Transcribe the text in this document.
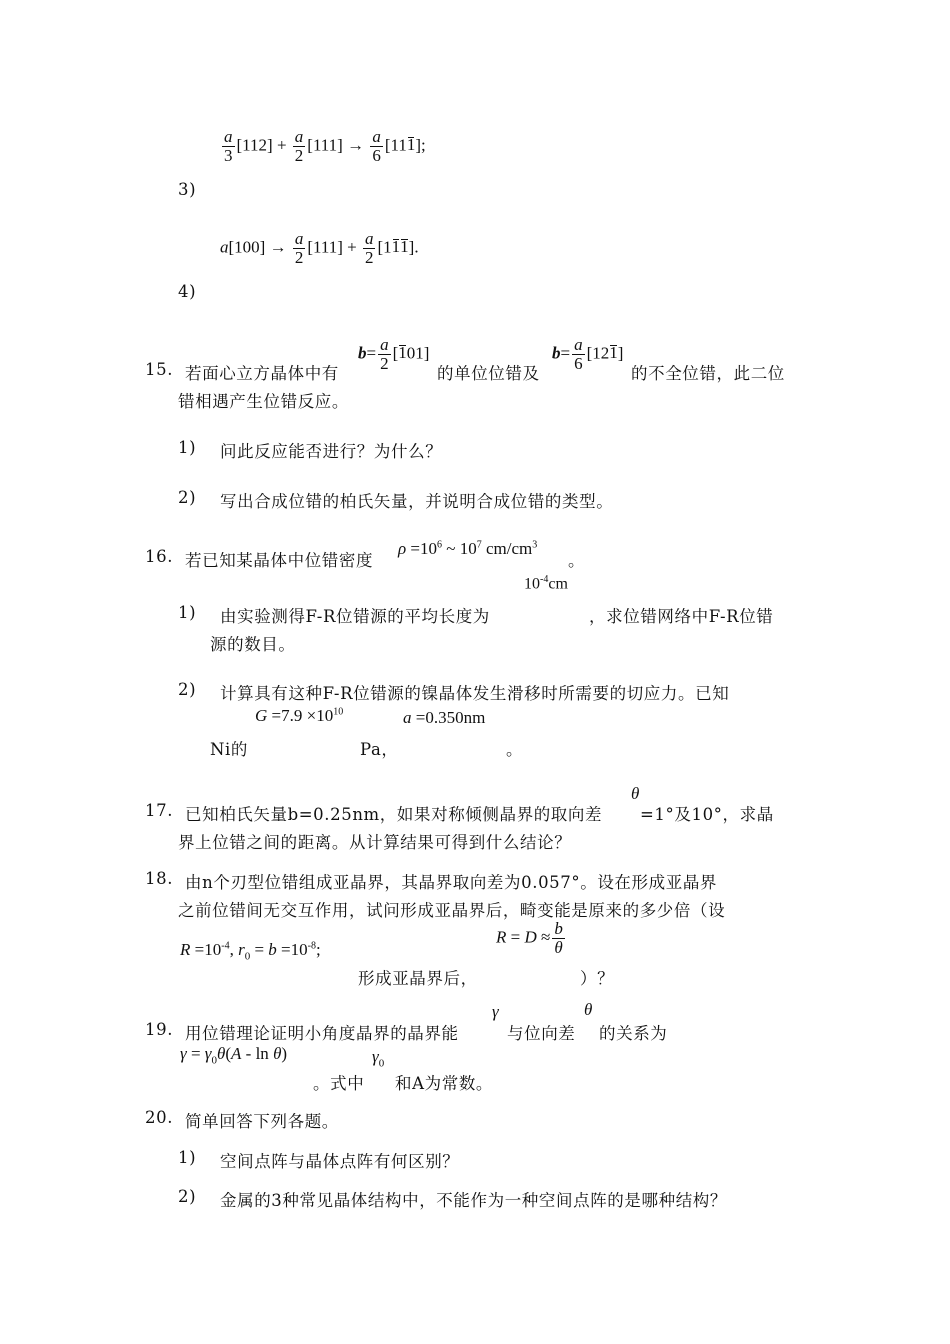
$\frac{a}{3} [112] + \frac{a}{2} [111] \to \frac{a}{6} [111]$;
3)
$a[100] \to \frac{a}{2} [111] + \frac{a}{2} [111]$.
4)
15. 若面心立方晶体中有
$b= \frac{a}{2} [101]$
的单位位错及
$b= \frac{a}{6} [121]$
的不全位错，此二位
错相遇产生位错反应。
1) 问此反应能否进行？为什么？
2) 写出合成位错的柏氏矢量，并说明合成位错的类型。
16. 若已知某晶体中位错密度
$\rho =10^6$ ~ $10^7$ $cm/cm^3$
。
$10^{-4}cm$
1) 由实验测得F-R位错源的平均长度为	，求位错网络中F-R位错
源的数目。
2) 计算具有这种F-R位错源的镍晶体发生滑移时所需要的切应力。已知
$G =7.9 \times 10^{10}$	a =0.350nm
Ni的	Pa，	。
θ
17. 已知柏氏矢量b=0.25nm，如果对称倾侧晶界的取向差 =1°及10°，求晶
界上位错之间的距离。从计算结果可得到什么结论？
18. 由n个刃型位错组成亚晶界，其晶界取向差为0.057°。设在形成亚晶界
之前位错间无交互作用，试问形成亚晶界后，畸变能是原来的多少倍（设
$R =10^{-4}$, $r_0 = b =10^{-8}$;
$R = D \approx \frac{b}{\theta}$
形成亚晶界后，	）？
γ	θ
19. 用位错理论证明小角度晶界的晶界能	与位向差 的关系为
$\gamma = \gamma_0\theta(A - \ln \theta)$	$\gamma_0$
。式中 和A为常数。
20. 简单回答下列各题。
1) 空间点阵与晶体点阵有何区别？
2) 金属的3种常见晶体结构中，不能作为一种空间点阵的是哪种结构？
